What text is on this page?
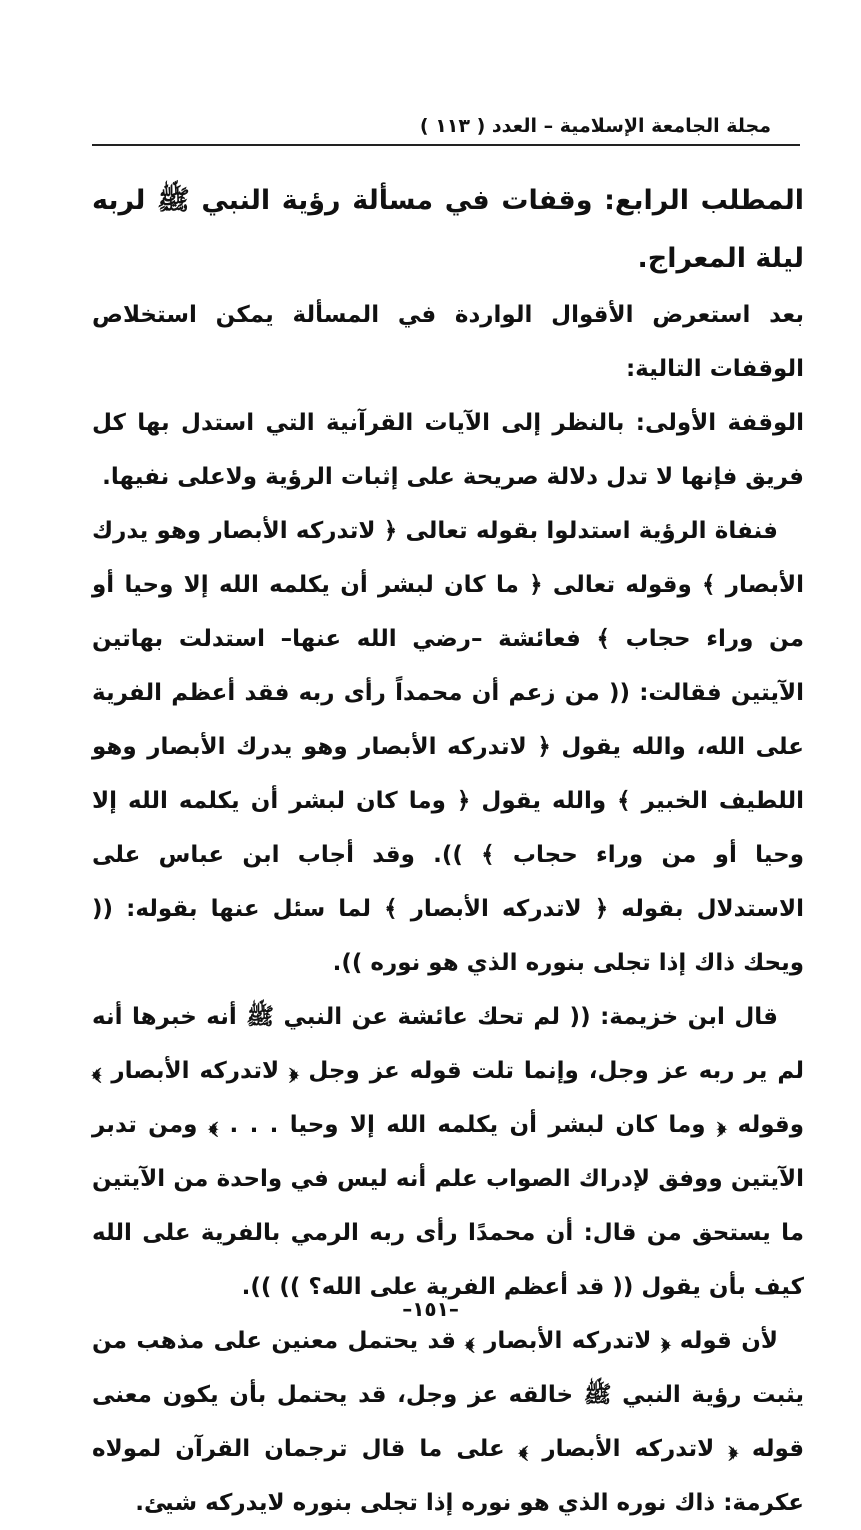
مجلة الجامعة الإسلامية – العدد ( ١١٣ )

المطلب الرابع: وقفات في مسألة رؤية النبي ﷺ لربه ليلة المعراج.

بعد استعرض الأقوال الواردة في المسألة يمكن استخلاص الوقفات التالية:

الوقفة الأولى: بالنظر إلى الآيات القرآنية التي استدل بها كل فريق فإنها لا تدل دلالة صريحة على إثبات الرؤية ولاعلى نفيها.

فنفاة الرؤية استدلوا بقوله تعالى ﴿ لاتدركه الأبصار وهو يدرك الأبصار ﴾ وقوله تعالى ﴿ ما كان لبشر أن يكلمه الله إلا وحيا أو من وراء حجاب ﴾ فعائشة –رضي الله عنها– استدلت بهاتين الآيتين فقالت: (( من زعم أن محمداً رأى ربه فقد أعظم الفرية على الله، والله يقول ﴿ لاتدركه الأبصار وهو يدرك الأبصار وهو اللطيف الخبير ﴾ والله يقول ﴿ وما كان لبشر أن يكلمه الله إلا وحيا أو من وراء حجاب ﴾ )). وقد أجاب ابن عباس على الاستدلال بقوله ﴿ لاتدركه الأبصار ﴾ لما سئل عنها بقوله: (( ويحك ذاك إذا تجلى بنوره الذي هو نوره )).

قال ابن خزيمة: (( لم تحك عائشة عن النبي ﷺ أنه خبرها أنه لم ير ربه عز وجل، وإنما تلت قوله عز وجل ﴿ لاتدركه الأبصار ﴾ وقوله ﴿ وما كان لبشر أن يكلمه الله إلا وحيا . . . ﴾ ومن تدبر الآيتين ووفق لإدراك الصواب علم أنه ليس في واحدة من الآيتين ما يستحق من قال: أن محمدًا رأى ربه الرمي بالفرية على الله كيف بأن يقول (( قد أعظم الفرية على الله؟ )) )).

لأن قوله ﴿ لاتدركه الأبصار ﴾ قد يحتمل معنين على مذهب من يثبت رؤية النبي ﷺ خالقه عز وجل، قد يحتمل بأن يكون معنى قوله ﴿ لاتدركه الأبصار ﴾ على ما قال ترجمان القرآن لمولاه عكرمة: ذاك نوره الذي هو نوره إذا تجلى بنوره لايدركه شيئ.

–١٥١–
